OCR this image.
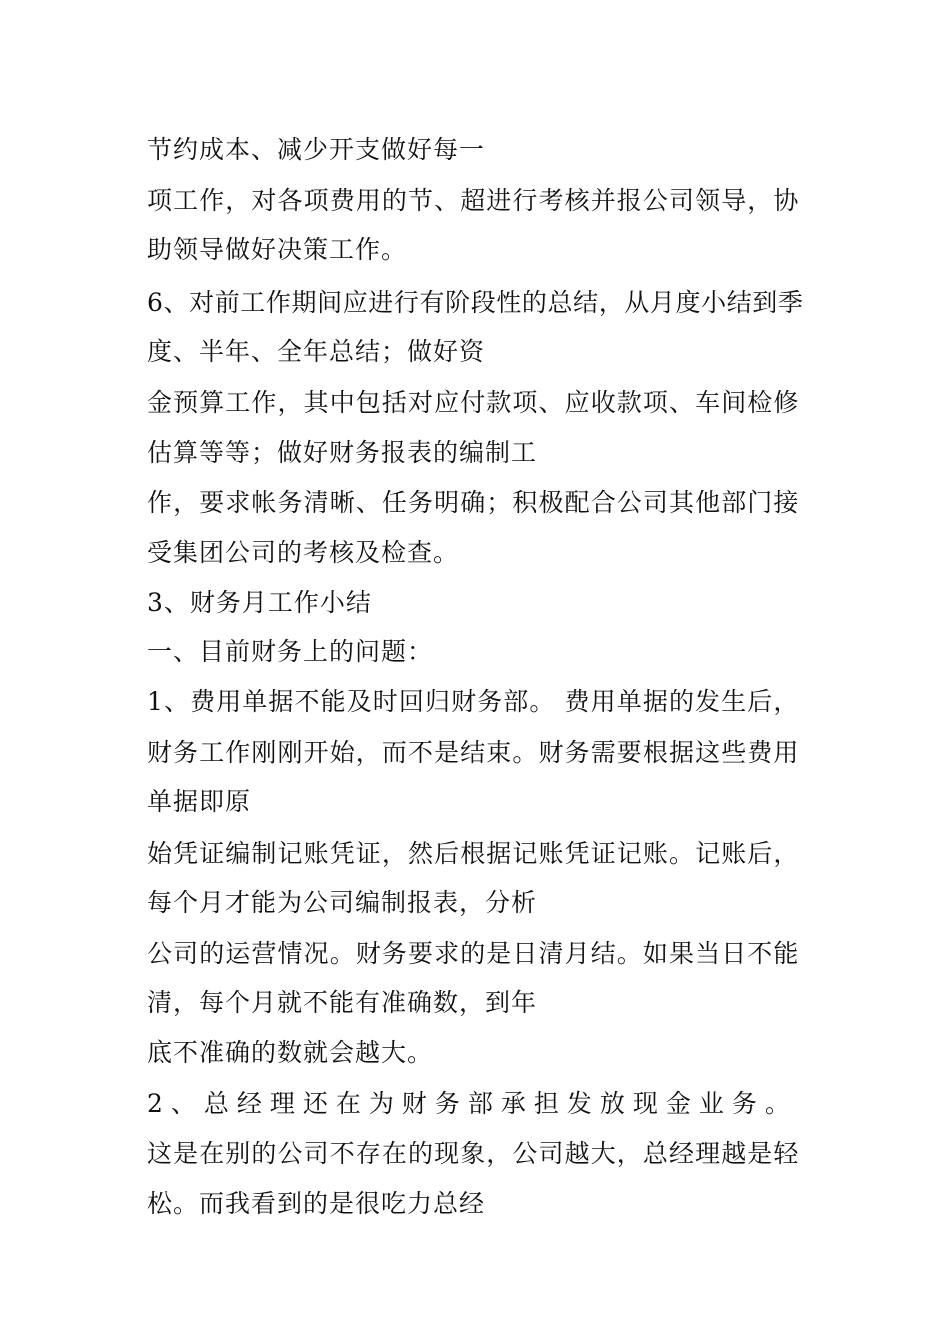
节约成本、减少开支做好每一
项工作，对各项费用的节、超进行考核并报公司领导，协
助领导做好决策工作。
6、对前工作期间应进行有阶段性的总结，从月度小结到季
度、半年、全年总结；做好资
金预算工作，其中包括对应付款项、应收款项、车间检修
估算等等；做好财务报表的编制工
作，要求帐务清晰、任务明确；积极配合公司其他部门接
受集团公司的考核及检查。
3、财务月工作小结
一、目前财务上的问题：
1、费用单据不能及时回归财务部。 费用单据的发生后，
财务工作刚刚开始，而不是结束。财务需要根据这些费用
单据即原
始凭证编制记账凭证，然后根据记账凭证记账。记账后，
每个月才能为公司编制报表，分析
公司的运营情况。财务要求的是日清月结。如果当日不能
清，每个月就不能有准确数，到年
底不准确的数就会越大。
2、总经理还在为财务部承担发放现金业务。
这是在别的公司不存在的现象，公司越大，总经理越是轻
松。而我看到的是很吃力总经
